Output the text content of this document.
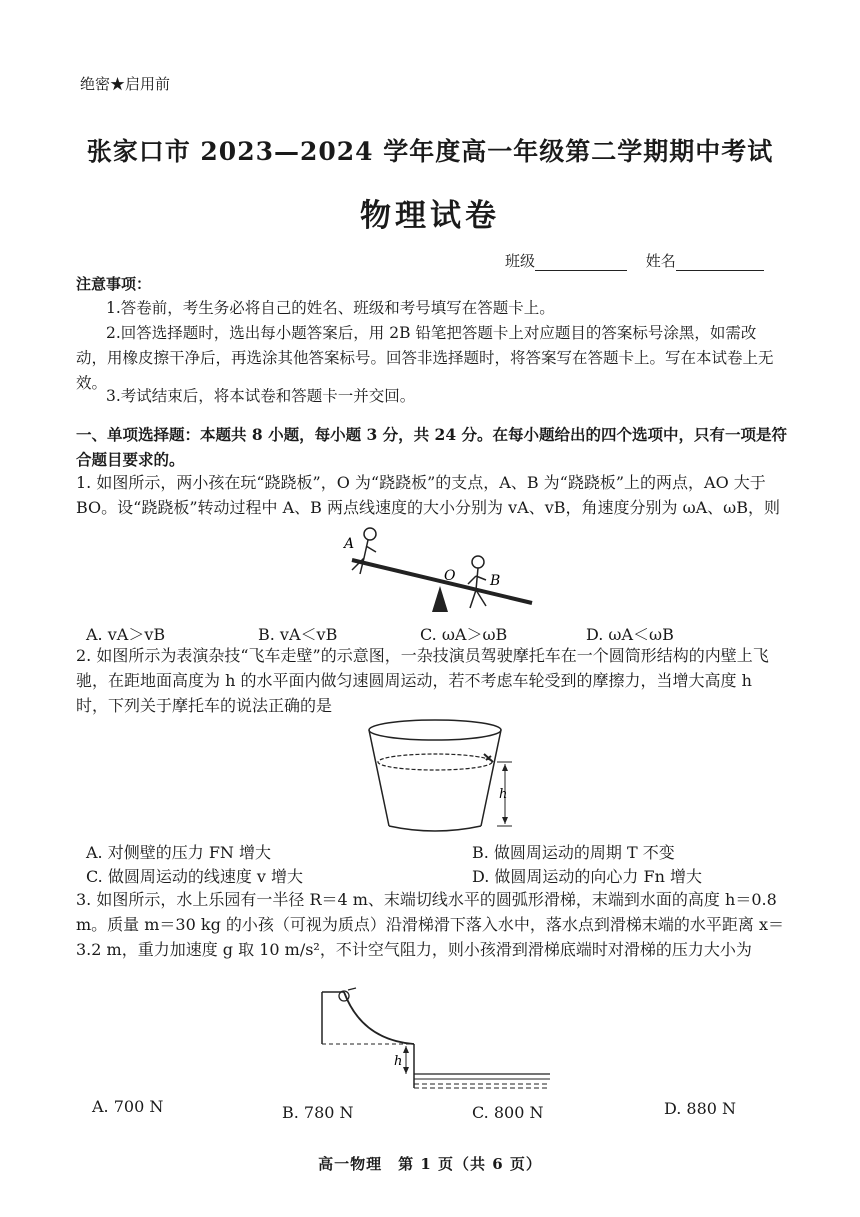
绝密★启用前
张家口市 2023—2024 学年度高一年级第二学期期中考试
物理试卷
班级	姓名
注意事项：
1.答卷前，考生务必将自己的姓名、班级和考号填写在答题卡上。
2.回答选择题时，选出每小题答案后，用 2B 铅笔把答题卡上对应题目的答案标号涂黑，如需改动，用橡皮擦干净后，再选涂其他答案标号。回答非选择题时，将答案写在答题卡上。写在本试卷上无效。
3.考试结束后，将本试卷和答题卡一并交回。
一、单项选择题：本题共 8 小题，每小题 3 分，共 24 分。在每小题给出的四个选项中，只有一项是符合题目要求的。
1. 如图所示，两小孩在玩“跷跷板”，O 为“跷跷板”的支点，A、B 为“跷跷板”上的两点，AO 大于 BO。设“跷跷板”转动过程中 A、B 两点线速度的大小分别为 vA、vB，角速度分别为 ωA、ωB，则
A
O B
A. vA＞vB	B. vA＜vB	C. ωA＞ωB	D. ωA＜ωB
2. 如图所示为表演杂技“飞车走壁”的示意图，一杂技演员驾驶摩托车在一个圆筒形结构的内壁上飞驰，在距地面高度为 h 的水平面内做匀速圆周运动，若不考虑车轮受到的摩擦力，当增大高度 h 时，下列关于摩托车的说法正确的是
h
A. 对侧壁的压力 FN 增大	B. 做圆周运动的周期 T 不变
C. 做圆周运动的线速度 v 增大	D. 做圆周运动的向心力 Fn 增大
3. 如图所示，水上乐园有一半径 R＝4 m、末端切线水平的圆弧形滑梯，末端到水面的高度 h＝0.8 m。质量 m＝30 kg 的小孩（可视为质点）沿滑梯滑下落入水中，落水点到滑梯末端的水平距离 x＝3.2 m，重力加速度 g 取 10 m/s²，不计空气阻力，则小孩滑到滑梯底端时对滑梯的压力大小为
h
A. 700 N	B. 780 N	C. 800 N	D. 880 N
高一物理　第 1 页（共 6 页）
